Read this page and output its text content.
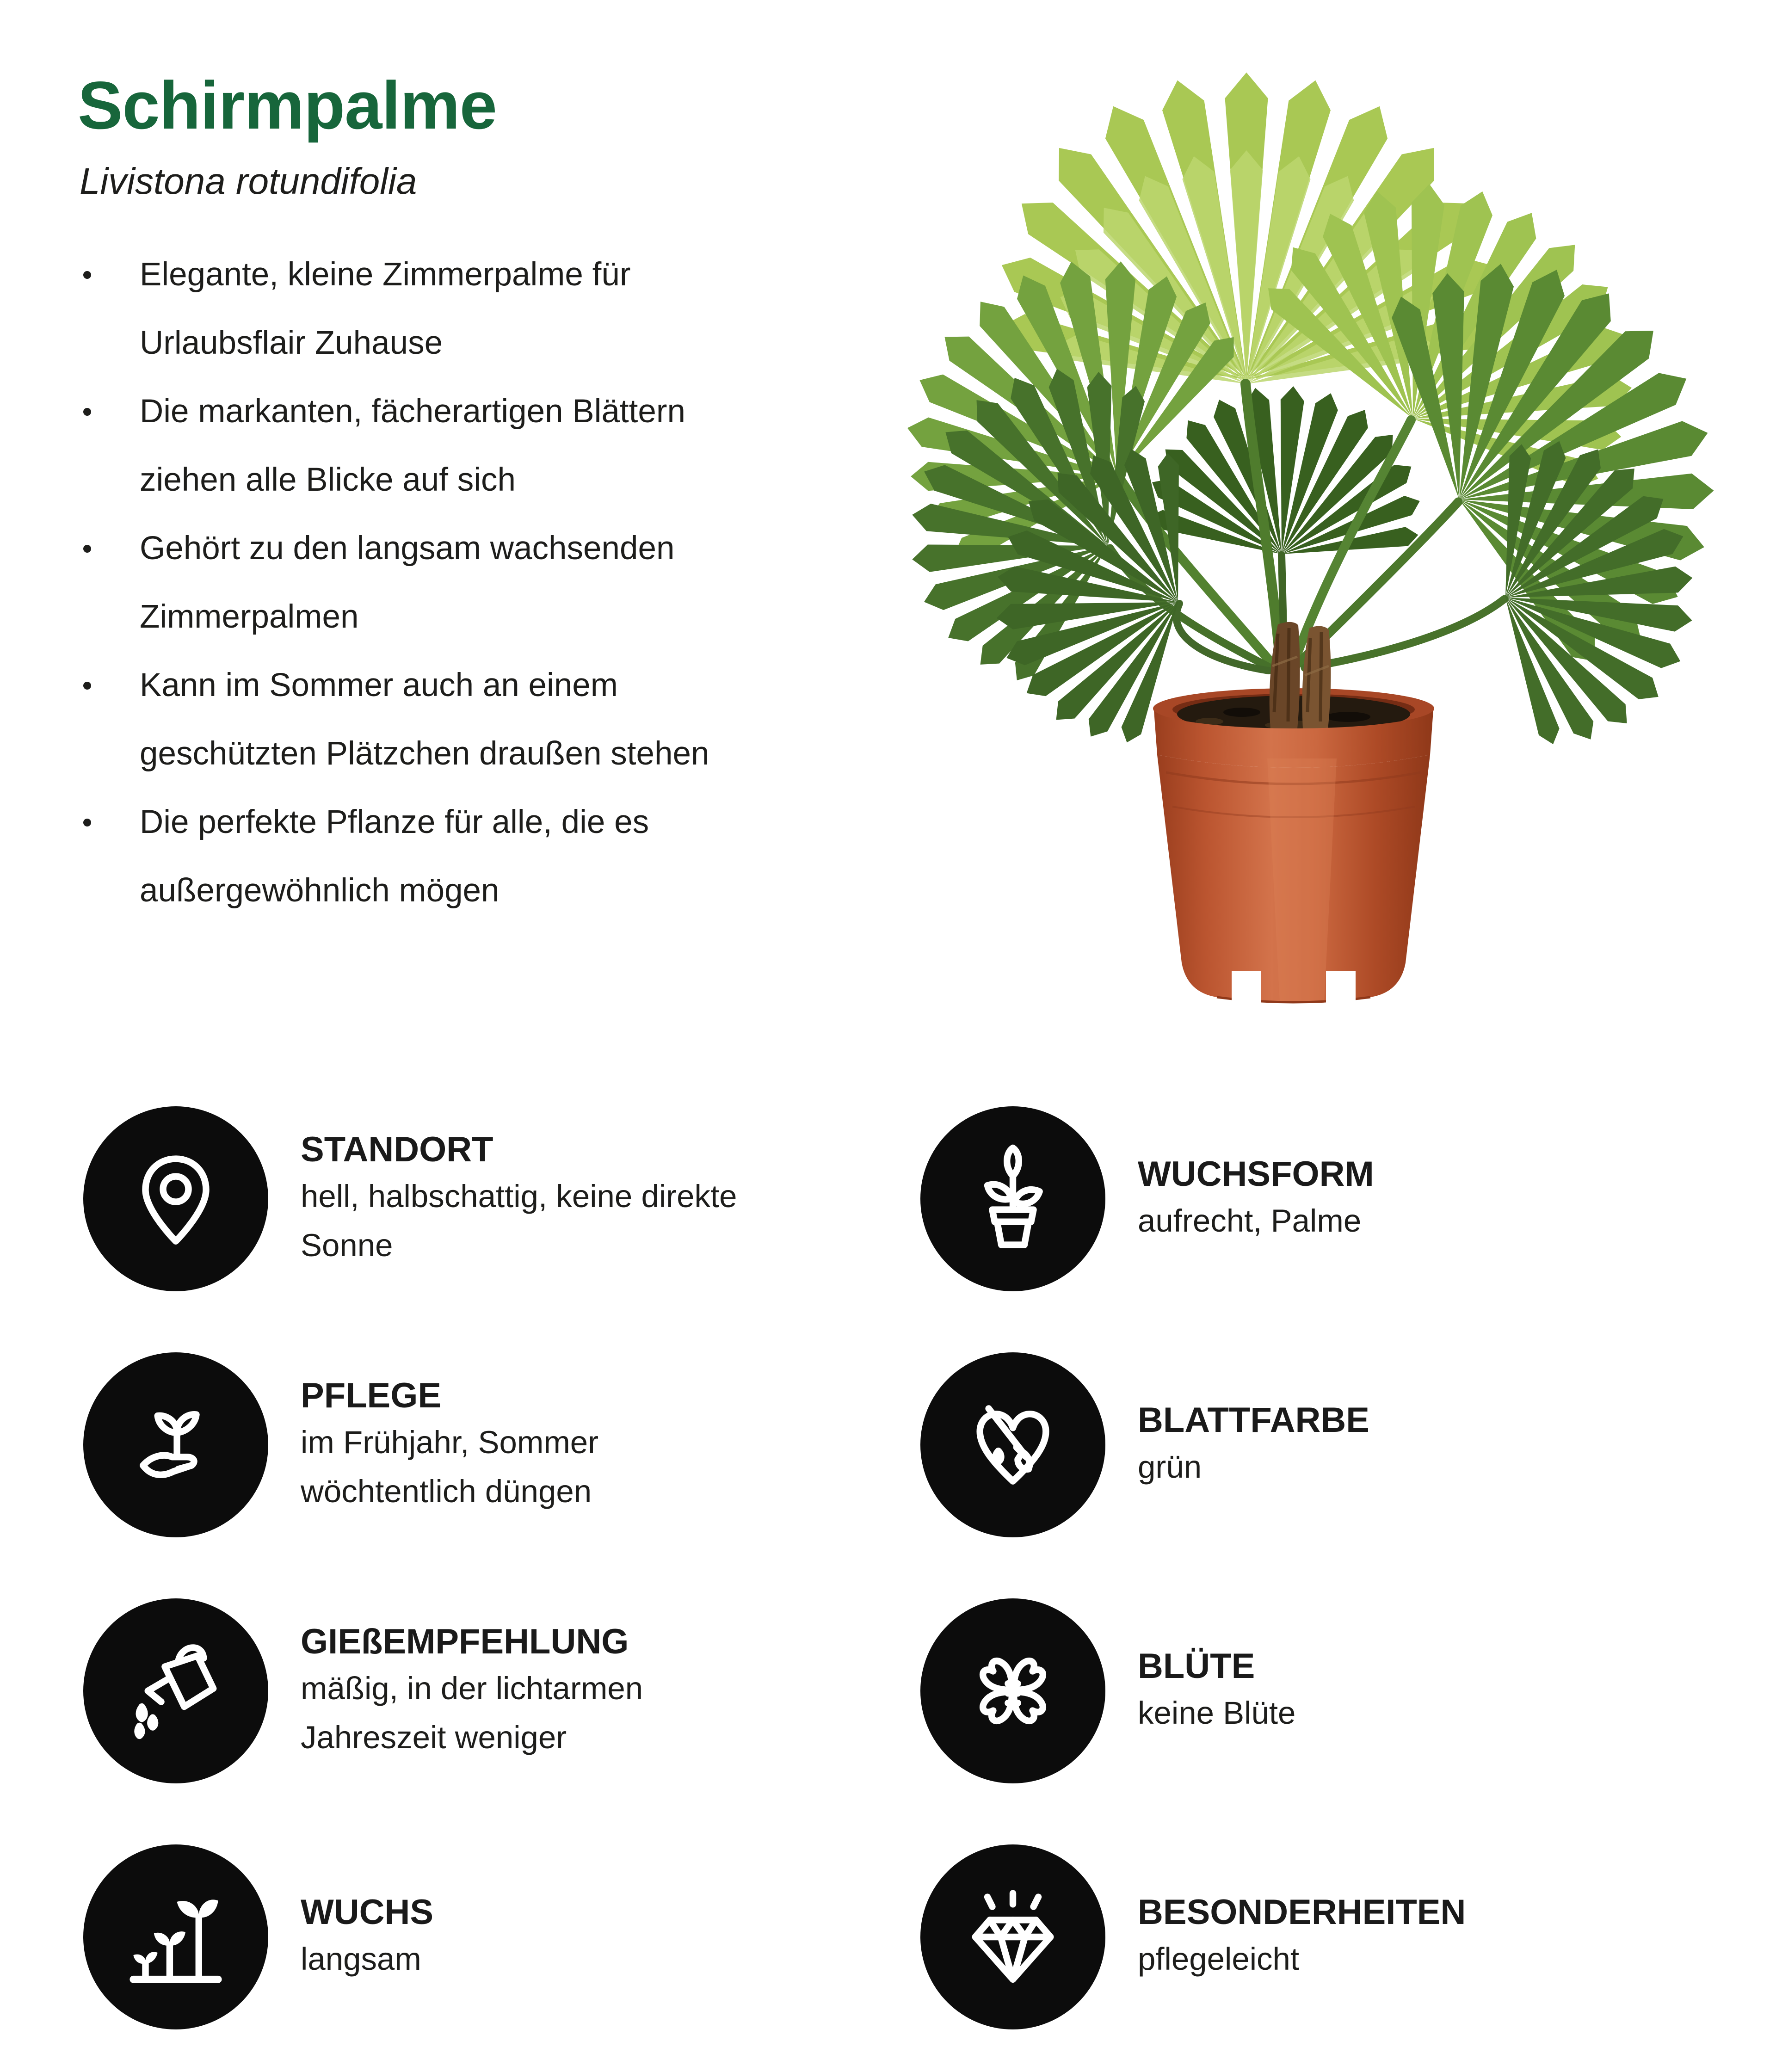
Schirmpalme

Livistona rotundifolia

Elegante, kleine Zimmerpalme für
Urlaubsflair Zuhause
Die markanten, fächerartigen Blättern
ziehen alle Blicke auf sich
Gehört zu den langsam wachsenden
Zimmerpalmen
Kann im Sommer auch an einem
geschützten Plätzchen draußen stehen
Die perfekte Pflanze für alle, die es
außergewöhnlich mögen
STANDORT
hell, halbschattig, keine direkte
Sonne
WUCHSFORM
aufrecht, Palme
PFLEGE
im Frühjahr, Sommer
wöchtentlich düngen
BLATTFARBE
grün
GIEßEMPFEHLUNG
mäßig, in der lichtarmen
Jahreszeit weniger
BLÜTE
keine Blüte
WUCHS
langsam
BESONDERHEITEN
pflegeleicht
